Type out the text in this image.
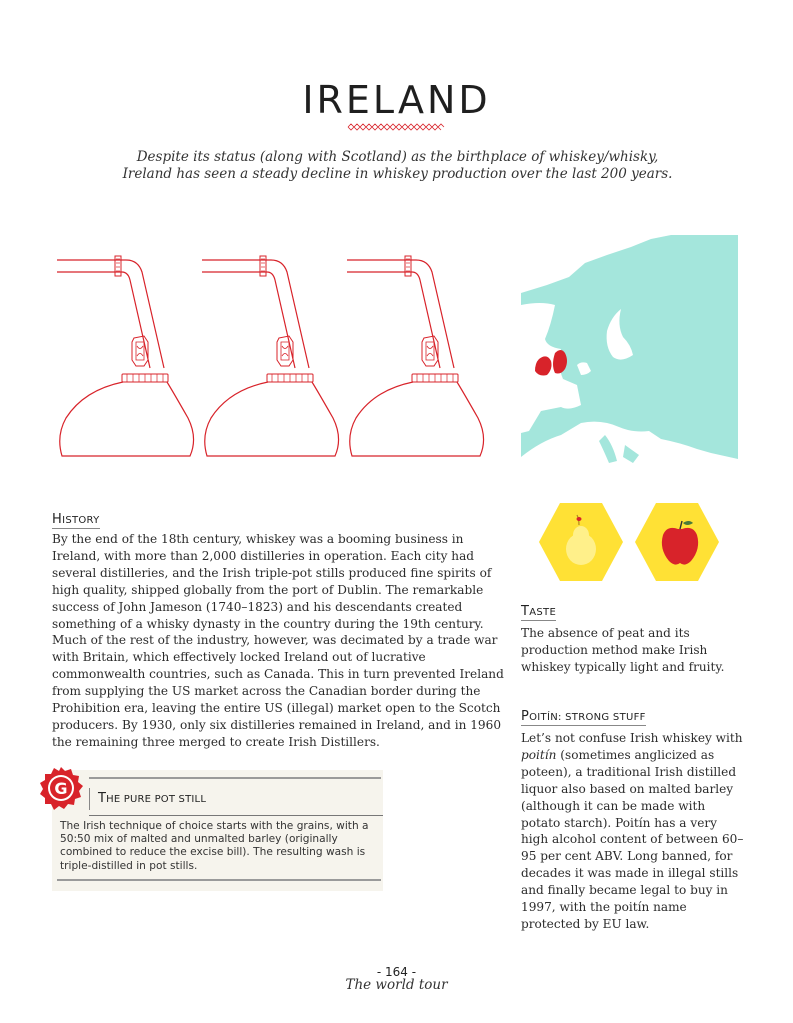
IRELAND
Despite its status (along with Scotland) as the birthplace of whiskey/whisky, Ireland has seen a steady decline in whiskey production over the last 200 years.
HISTORY
By the end of the 18th century, whiskey was a booming business in Ireland, with more than 2,000 distilleries in operation. Each city had several distilleries, and the Irish triple-pot stills produced fine spirits of high quality, shipped globally from the port of Dublin. The remarkable success of John Jameson (1740–1823) and his descendants created something of a whisky dynasty in the country during the 19th century. Much of the rest of the industry, however, was decimated by a trade war with Britain, which effectively locked Ireland out of lucrative commonwealth countries, such as Canada. This in turn prevented Ireland from supplying the US market across the Canadian border during the Prohibition era, leaving the entire US (illegal) market open to the Scotch producers. By 1930, only six distilleries remained in Ireland, and in 1960 the remaining three merged to create Irish Distillers.
TASTE
The absence of peat and its production method make Irish whiskey typically light and fruity.
POITÍN: STRONG STUFF
Let’s not confuse Irish whiskey with poitín (sometimes anglicized as poteen), a traditional Irish distilled liquor also based on malted barley (although it can be made with potato starch). Poitín has a very high alcohol content of between 60–95 per cent ABV. Long banned, for decades it was made in illegal stills and finally became legal to buy in 1997, with the poitín name protected by EU law.
THE PURE POT STILL
The Irish technique of choice starts with the grains, with a 50:50 mix of malted and unmalted barley (originally combined to reduce the excise bill). The resulting wash is triple-distilled in pot stills.
G
- 164 -
The world tour
